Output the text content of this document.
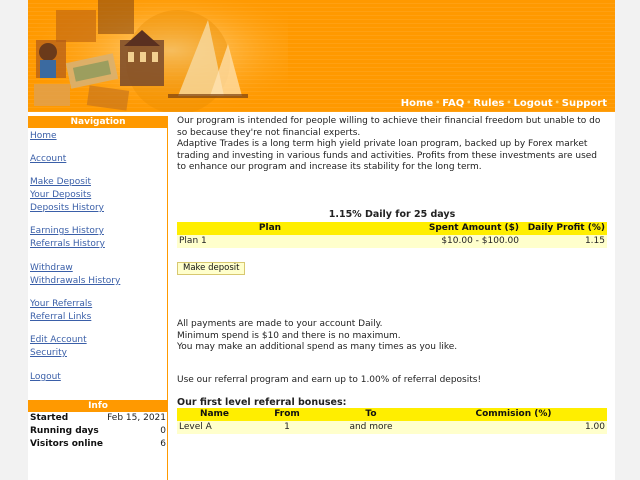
Home • FAQ • Rules • Logout • Support
Navigation
Home
Account
Make Deposit
Your Deposits
Deposits History
Earnings History
Referrals History
Withdraw
Withdrawals History
Your Referrals
Referral Links
Edit Account
Security
Logout
Info
Started	Feb 15, 2021
Running days	0
Visitors online	6

Our program is intended for people willing to achieve their financial freedom but unable to do so because they're not financial experts.

Adaptive Trades is a long term high yield private loan program, backed up by Forex market trading and investing in various funds and activities. Profits from these investments are used to enhance our program and increase its stability for the long term.

1.15% Daily for 25 days
Plan	Spent Amount ($)	Daily Profit (%)
Plan 1	$10.00 - $100.00	1.15
Make deposit

All payments are made to your account Daily.

Minimum spend is $10 and there is no maximum.

You may make an additional spend as many times as you like.

Use our referral program and earn up to 1.00% of referral deposits!
Our first level referral bonuses:
Name	From	To	Commision (%)
Level A	1	and more	1.00
